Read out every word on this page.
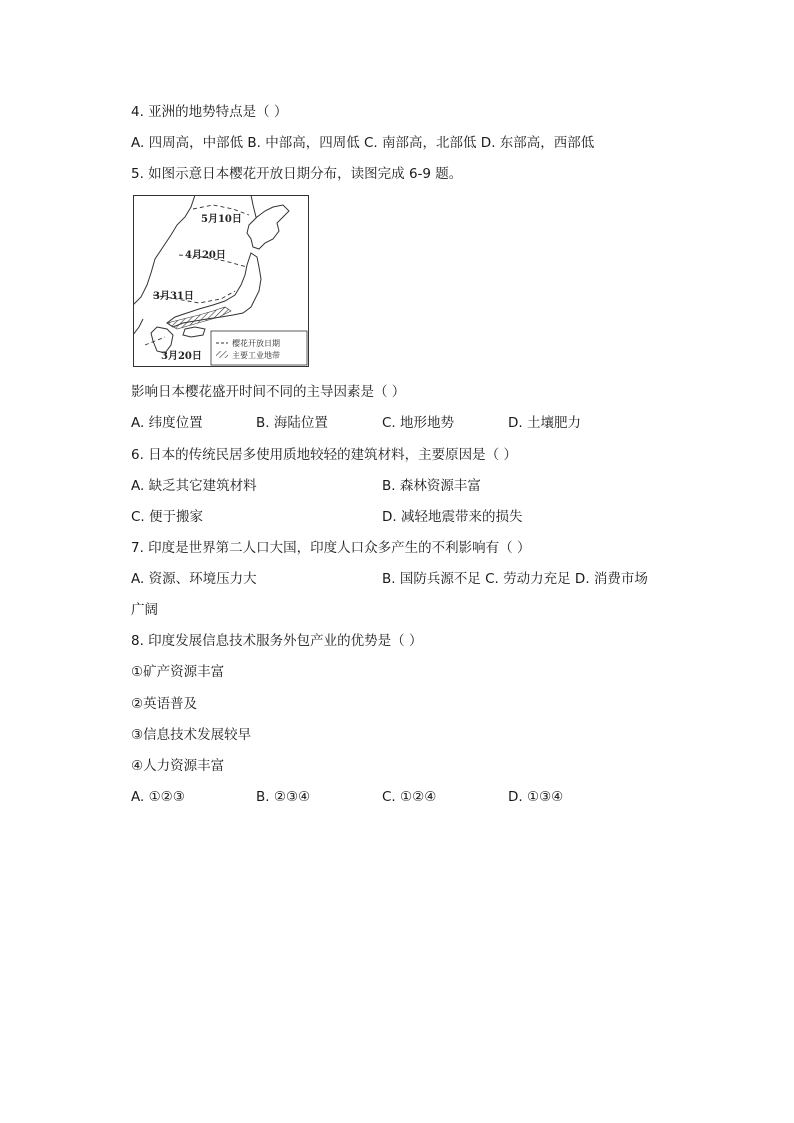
4. 亚洲的地势特点是（ ）
A. 四周高，中部低 B. 中部高，四周低 C. 南部高，北部低 D. 东部高，西部低
5. 如图示意日本樱花开放日期分布，读图完成 6-9 题。
5月10日
4月20日
3月31日
3月20日
樱花开放日期
主要工业地带
影响日本樱花盛开时间不同的主导因素是（ ）
A. 纬度位置	B. 海陆位置	C. 地形地势	D. 土壤肥力
6. 日本的传统民居多使用质地较轻的建筑材料，主要原因是（ ）
A. 缺乏其它建筑材料	B. 森林资源丰富
C. 便于搬家	D. 减轻地震带来的损失
7. 印度是世界第二人口大国，印度人口众多产生的不利影响有（ ）
A. 资源、环境压力大	B. 国防兵源不足 C. 劳动力充足 D. 消费市场
广阔
8. 印度发展信息技术服务外包产业的优势是（ ）
①矿产资源丰富
②英语普及
③信息技术发展较早
④人力资源丰富
A. ①②③	B. ②③④	C. ①②④	D. ①③④
